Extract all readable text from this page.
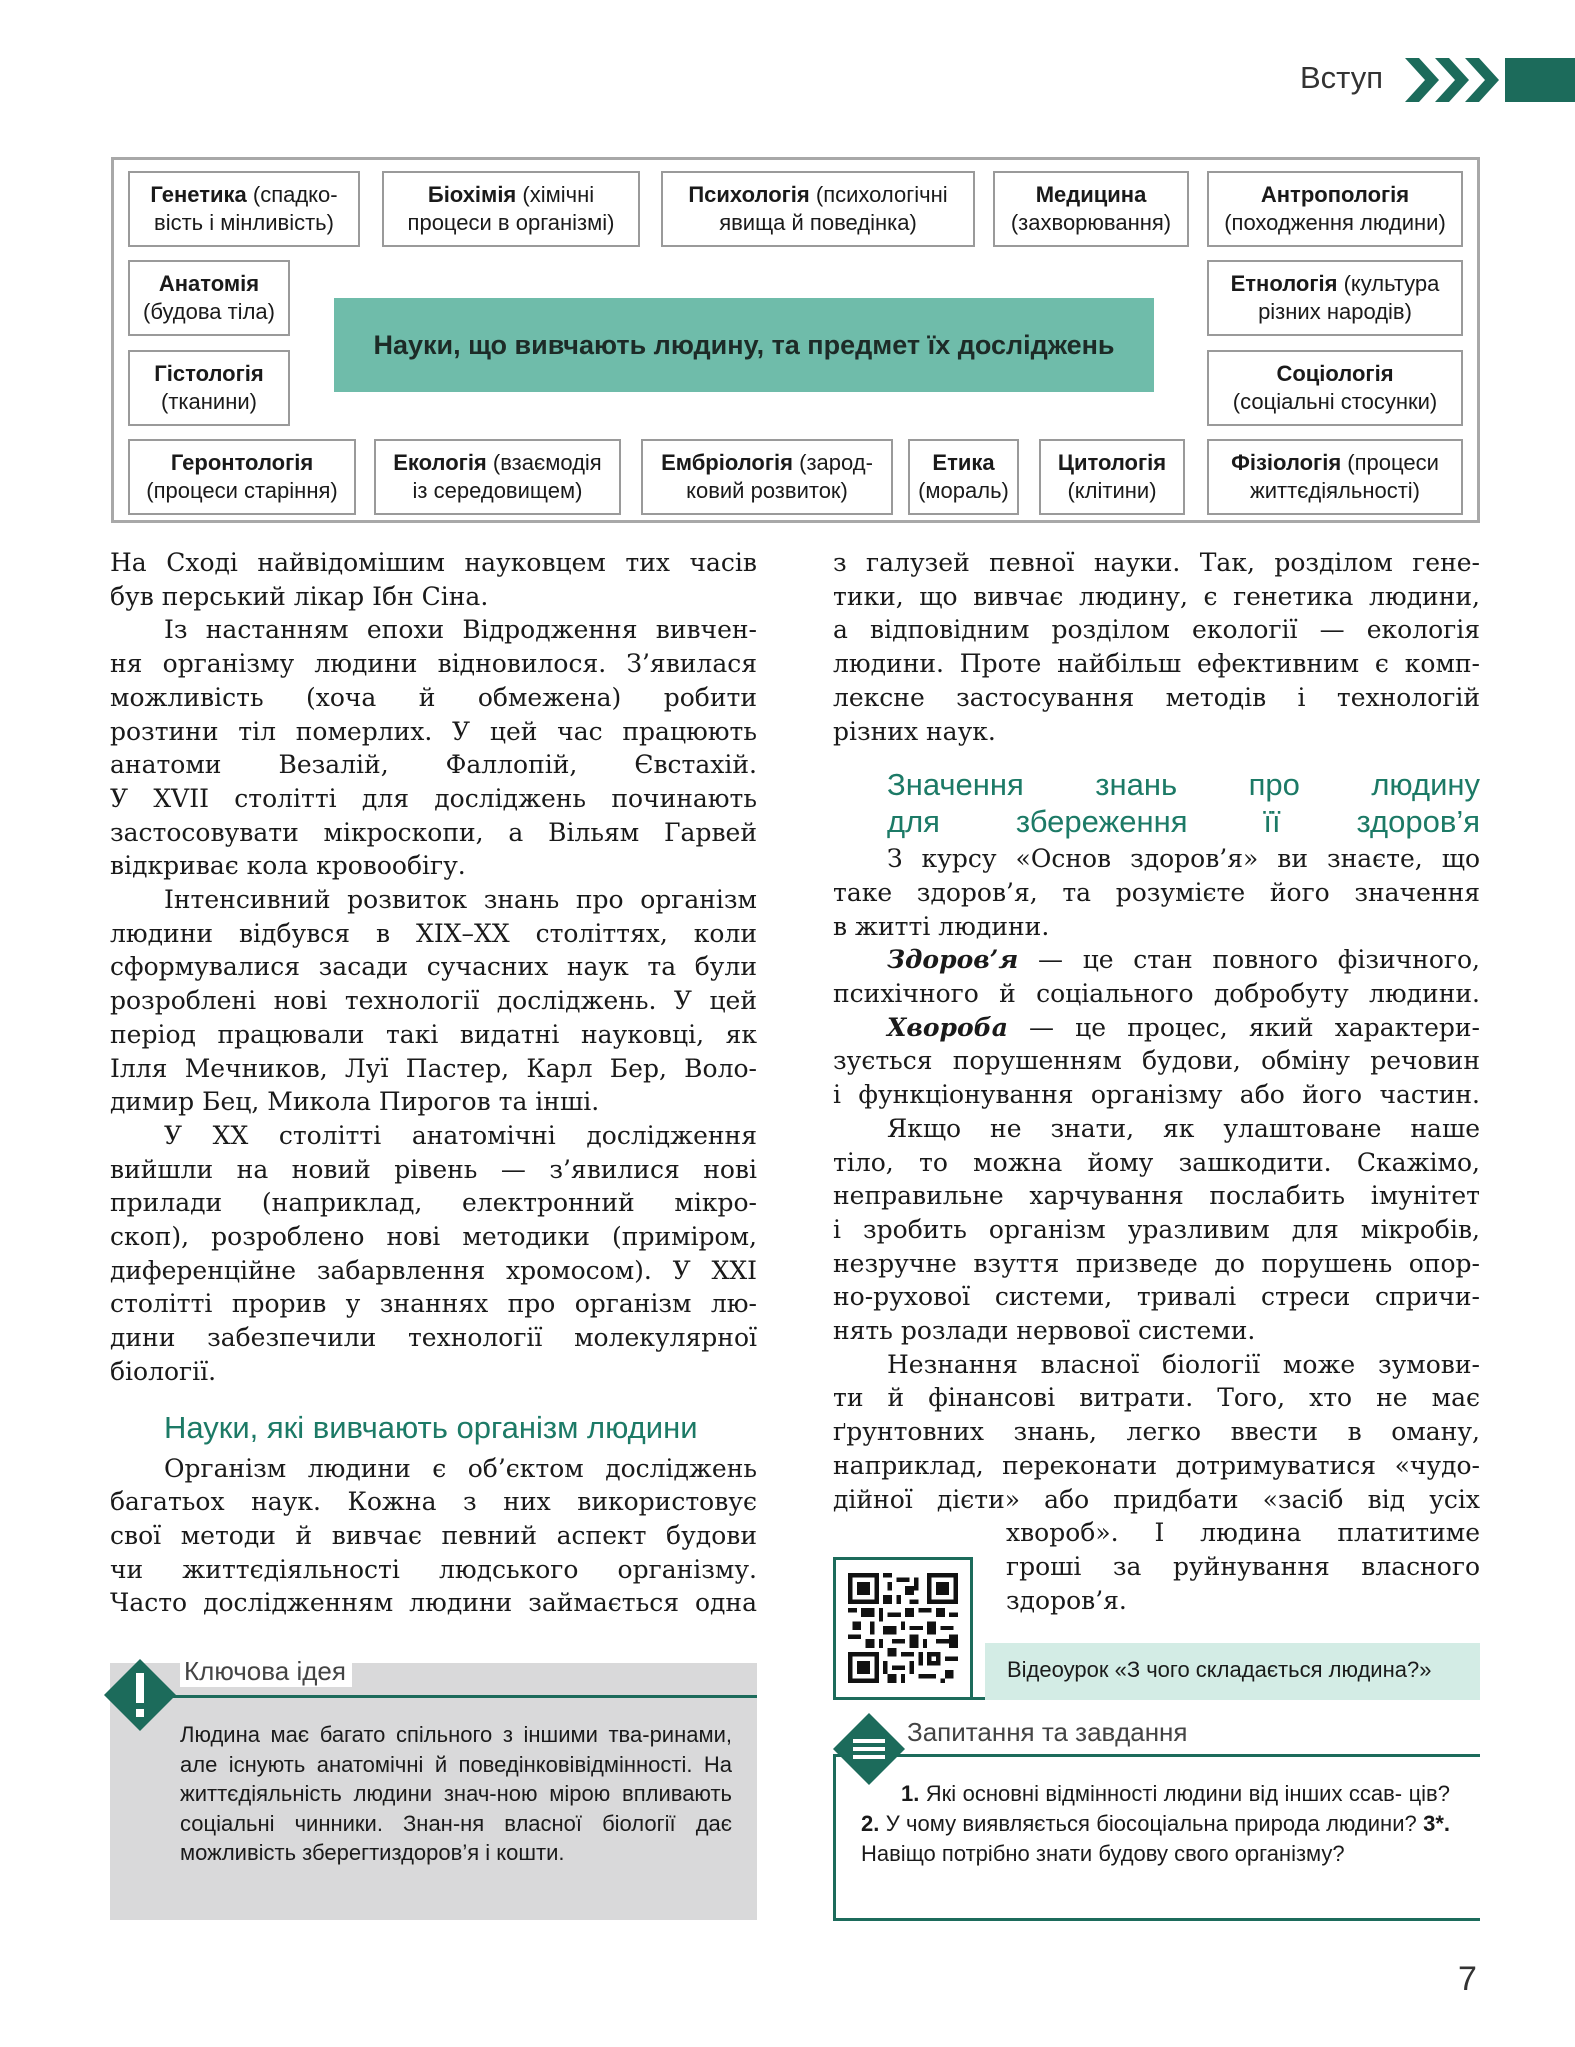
Вступ
Генетика (спадко-
вість і мінливість)
Біохімія (хімічні
процеси в організмі)
Психологія (психологічні
явища й поведінка)
Медицина
(захворювання)
Антропологія
(походження людини)
Анатомія
(будова тіла)
Етнологія (культура
різних народів)
Науки, що вивчають людину, та предмет їх досліджень
Гістологія
(тканини)
Соціологія
(соціальні стосунки)
Геронтологія
(процеси старіння)
Екологія (взаємодія
із середовищем)
Ембріологія (зарод-
ковий розвиток)
Етика
(мораль)
Цитологія
(клітини)
Фізіологія (процеси
життєдіяльності)

На Сході найвідомішим науковцем тих часів
був перський лікар Ібн Сіна.

Із настанням епохи Відродження вивчен-

ня організму людини відновилося. З’явилася
можливість (хоча й обмежена) робити
розтини тіл померлих. У цей час працюють
анатоми Везалій, Фаллопій, Євстахій.
У XVII столітті для досліджень починають
застосовувати мікроскопи, а Вільям Гарвей
відкриває кола кровообігу.

Інтенсивний розвиток знань про організм

людини відбувся в XIX–XX століттях, коли
сформувалися засади сучасних наук та були
розроблені нові технології досліджень. У цей
період працювали такі видатні науковці, як
Ілля Мечников, Луї Пастер, Карл Бер, Воло-
димир Бец, Микола Пирогов та інші.

У XX столітті анатомічні дослідження

вийшли на новий рівень — з’явилися нові
прилади (наприклад, електронний мікро-
скоп), розроблено нові методики (приміром,
диференційне забарвлення хромосом). У XXI
столітті прорив у знаннях про організм лю-
дини забезпечили технології молекулярної
біології.

Науки, які вивчають організм людини

Організм людини є об’єктом досліджень

багатьох наук. Кожна з них використовує
свої методи й вивчає певний аспект будови
чи життєдіяльності людського організму.
Часто дослідженням людини займається одна

з галузей певної науки. Так, розділом гене-
тики, що вивчає людину, є генетика людини,
а відповідним розділом екології — екологія
людини. Проте найбільш ефективним є комп-
лексне застосування методів і технологій
різних наук.

Значення знань про людину
для збереження її здоров’я

З курсу «Основ здоров’я» ви знаєте, що

таке здоров’я, та розумієте його значення
в житті людини.

Здоров’я — це стан повного фізичного,

психічного й соціального добробуту людини.

Хвороба — це процес, який характери-

зується порушенням будови, обміну речовин
і функціонування організму або його частин.

Якщо не знати, як улаштоване наше

тіло, то можна йому зашкодити. Скажімо,
неправильне харчування послабить імунітет
і зробить організм уразливим для мікробів,
незручне взуття призведе до порушень опор-
но-рухової системи, тривалі стреси спричи-
нять розлади нервової системи.

Незнання власної біології може зумови-

ти й фінансові витрати. Того, хто не має
ґрунтовних знань, легко ввести в оману,
наприклад, переконати дотримуватися «чудо-
дійної дієти» або придбати «засіб від усіх

хвороб». І людина платитиме
гроші за руйнування власного
здоров’я.

Ключова ідея
Людина має багато спільного з іншими тва-ринами, але існують анатомічні й поведінковівідмінності. На життєдіяльність людини знач-ною мірою впливають соціальні чинники. Знан-ня власної біології дає можливість зберегтиздоров’я і кошти.
Відеоурок «З чого складається людина?»
Запитання та завдання
1. Які основні відмінності людини від інших ссав- ців? 2. У чому виявляється біосоціальна природа людини? 3*. Навіщо потрібно знати будову свого організму?
7
